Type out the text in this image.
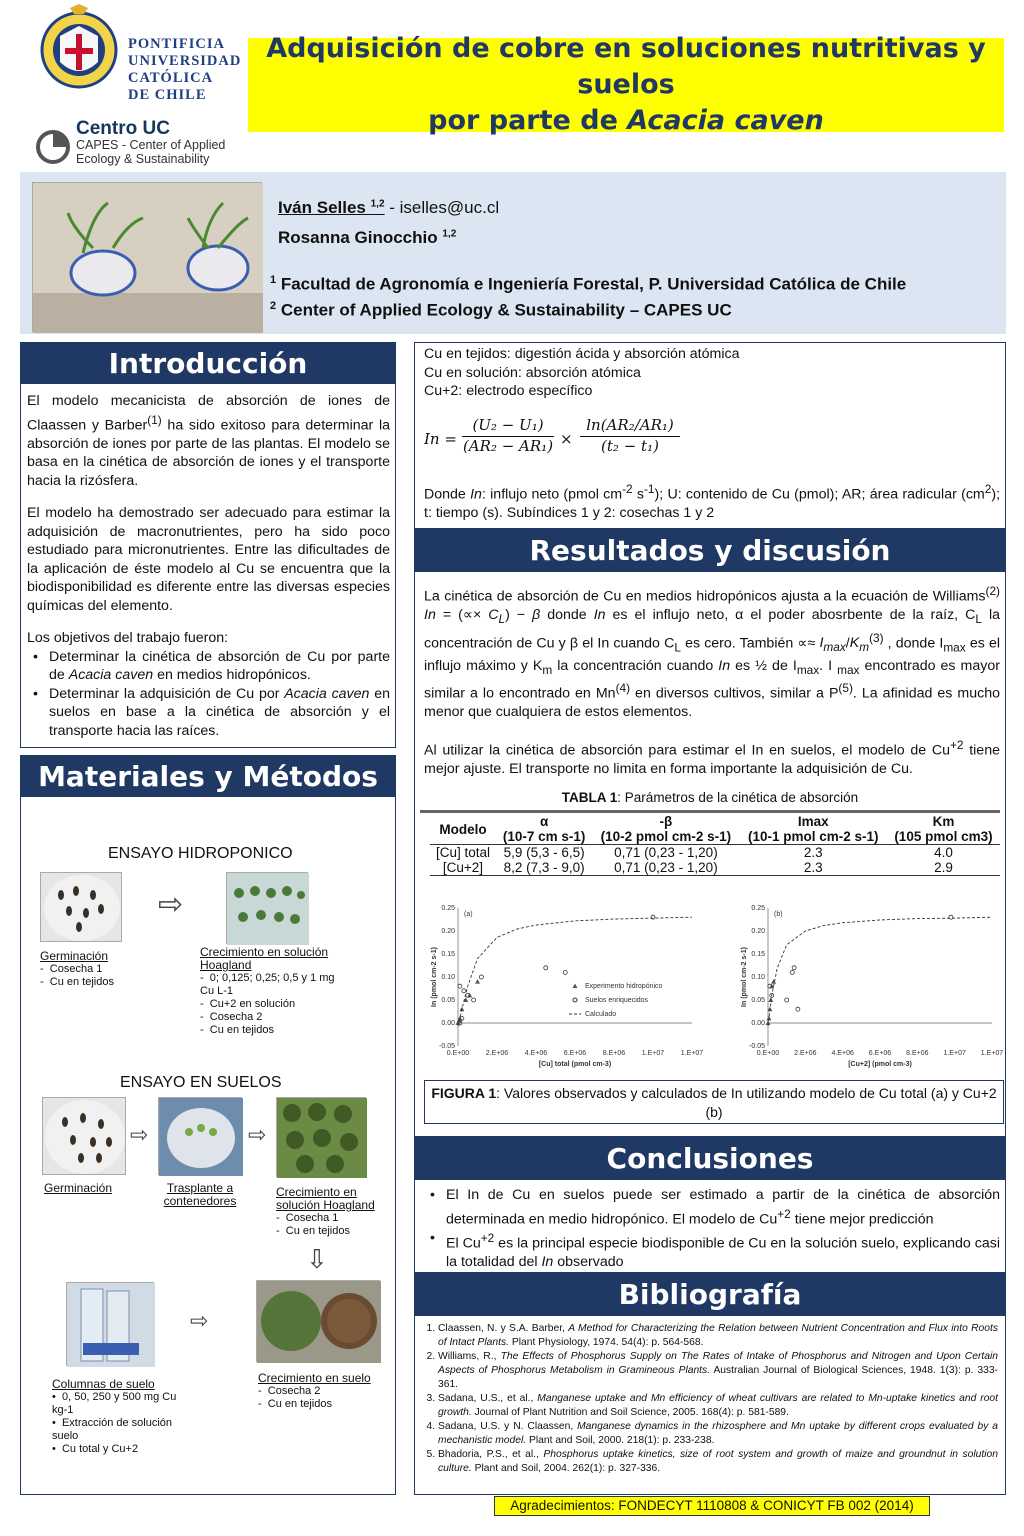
PONTIFICIA
UNIVERSIDAD
CATÓLICA
DE CHILE
Centro UC
CAPES - Center of Applied
Ecology & Sustainability
Adquisición de cobre en soluciones nutritivas y suelos
por parte de Acacia caven
Iván Selles $^{1,2}$ - iselles@uc.cl
Rosanna Ginocchio $^{1,2}$
$^1$ Facultad de Agronomía e Ingeniería Forestal, P. Universidad Católica de Chile
$^2$ Center of Applied Ecology & Sustainability – CAPES UC
Introducción

El modelo mecanicista de absorción de iones de Claassen y Barber$^{(1)}$ ha sido exitoso para determinar la absorción de iones por parte de las plantas. El modelo se basa en la cinética de absorción de iones y el transporte hacia la rizósfera.

El modelo ha demostrado ser adecuado para estimar la adquisición de macronutrientes, pero ha sido poco estudiado para micronutrientes. Entre las dificultades de la aplicación de éste modelo al Cu se encuentra que la biodisponibilidad es diferente entre las diversas especies químicas del elemento.

Los objetivos del trabajo fueron:

• Determinar la cinética de absorción de Cu por parte de Acacia caven en medios hidropónicos.
• Determinar la adquisición de Cu por Acacia caven en suelos en base a la cinética de absorción y el transporte hacia las raíces.
Materiales y Métodos
ENSAYO HIDROPONICO
⇨
Germinación
-  Cosecha 1
-  Cu en tejidos
Crecimiento en solución Hoagland
-  0; 0,125; 0,25; 0,5 y 1 mg Cu L-1
-  Cu+2 en solución
-  Cosecha 2
-  Cu en tejidos
ENSAYO EN SUELOS
Germinación	Trasplante a contenedores
Crecimiento en solución Hoagland
-  Cosecha 1
-  Cu en tejidos
⇨	⇨
⇩
⇨
Columnas de suelo
•  0, 50, 250 y 500 mg Cu kg-1
•  Extracción de solución suelo
•  Cu total y Cu+2
Crecimiento en suelo
-  Cosecha 2
-  Cu en tejidos
Cu en tejidos: digestión ácida y absorción atómica
Cu en solución: absorción atómica
Cu+2: electrodo específico
In =
(U₂ − U₁)
(AR₂ − AR₁) ×
ln(AR₂/AR₁)
(t₂ − t₁)
Donde In: influjo neto (pmol $cm^{-2}$ $s^{-1}$); U: contenido de Cu (pmol); AR; área radicular $(cm^2)$; t: tiempo (s). Subíndices 1 y 2: cosechas 1 y 2
Resultados y discusión

La cinética de absorción de Cu en medios hidropónicos ajusta a la ecuación de Williams$^{(2)}$ In = (∝× $C_L) - \beta$ donde In es el influjo neto, α el poder abosrbente de la raíz, $C_L$ la concentración de Cu y β el In cuando $C_L$ es cero. También ∝≈ $I_{max}/K_m^{(3)}$ , donde $I_{max}$ es el influjo máximo y $K_m$ la concentración cuando In es ½ de $I_{max}$. I $_{max}$ encontrado es mayor similar a lo encontrado en Mn$^{(4)}$ en diversos cultivos, similar a $P^{(5)}$. La afinidad es mucho menor que cualquiera de estos elementos.

Al utilizar la cinética de absorción para estimar el In en suelos, el modelo de $Cu^{+2}$ tiene mejor ajuste. El transporte no limita en forma importante la adquisición de Cu.

TABLA 1: Parámetros de la cinética de absorción
Modelo	α	-β	Imax	Km
	(10-7 cm s-1)	(10-2 pmol cm-2 s-1)	(10-1 pmol cm-2 s-1)	(105 pmol cm3)
[Cu] total	5,9 (5,3 - 6,5)	0,71 (0,23 - 1,20)	2.3	4.0
[Cu+2]	8,2 (7,3 - 9,0)	0,71 (0,23 - 1,20)	2.3	2.9
-0.05
0.00
0.05
0.10
0.15
0.20
0.25
0.E+00 2.E+06 4.E+06 6.E+06 8.E+06 1.E+07 1.E+07
[Cu] total (pmol cm-3)
In (pmol cm-2 s-1)
(a)
Experimento hidropónico
Suelos enriquecidos
Calculado
-0.05
0.00
0.05
0.10
0.15
0.20
0.25
0.E+00 2.E+06 4.E+06 6.E+06 8.E+06 1.E+07 1.E+07
[Cu+2] (pmol cm-3)
In (pmol cm-2 s-1)
(b)
FIGURA 1: Valores observados y calculados de In utilizando modelo de Cu total (a) y Cu+2 (b)
Conclusiones
• El In de Cu en suelos puede ser estimado a partir de la cinética de absorción determinada en medio hidropónico. El modelo de $Cu^{+2}$ tiene mejor predicción
• El $Cu^{+2}$ es la principal especie biodisponible de Cu en la solución suelo, explicando casi la totalidad del In observado
Bibliografía
1. Claassen, N. y S.A. Barber, A Method for Characterizing the Relation between Nutrient Concentration and Flux into Roots of Intact Plants. Plant Physiology, 1974. 54(4): p. 564-568.
2. Williams, R., The Effects of Phosphorus Supply on The Rates of Intake of Phosphorus and Nitrogen and Upon Certain Aspects of Phosphorus Metabolism in Gramineous Plants. Australian Journal of Biological Sciences, 1948. 1(3): p. 333-361.
3. Sadana, U.S., et al., Manganese uptake and Mn efficiency of wheat cultivars are related to Mn-uptake kinetics and root growth. Journal of Plant Nutrition and Soil Science, 2005. 168(4): p. 581-589.
4. Sadana, U.S. y N. Claassen, Manganese dynamics in the rhizosphere and Mn uptake by different crops evaluated by a mechanistic model. Plant and Soil, 2000. 218(1): p. 233-238.
5. Bhadoria, P.S., et al., Phosphorus uptake kinetics, size of root system and growth of maize and groundnut in solution culture. Plant and Soil, 2004. 262(1): p. 327-336.
Agradecimientos: FONDECYT 1110808 & CONICYT FB 002 (2014)
